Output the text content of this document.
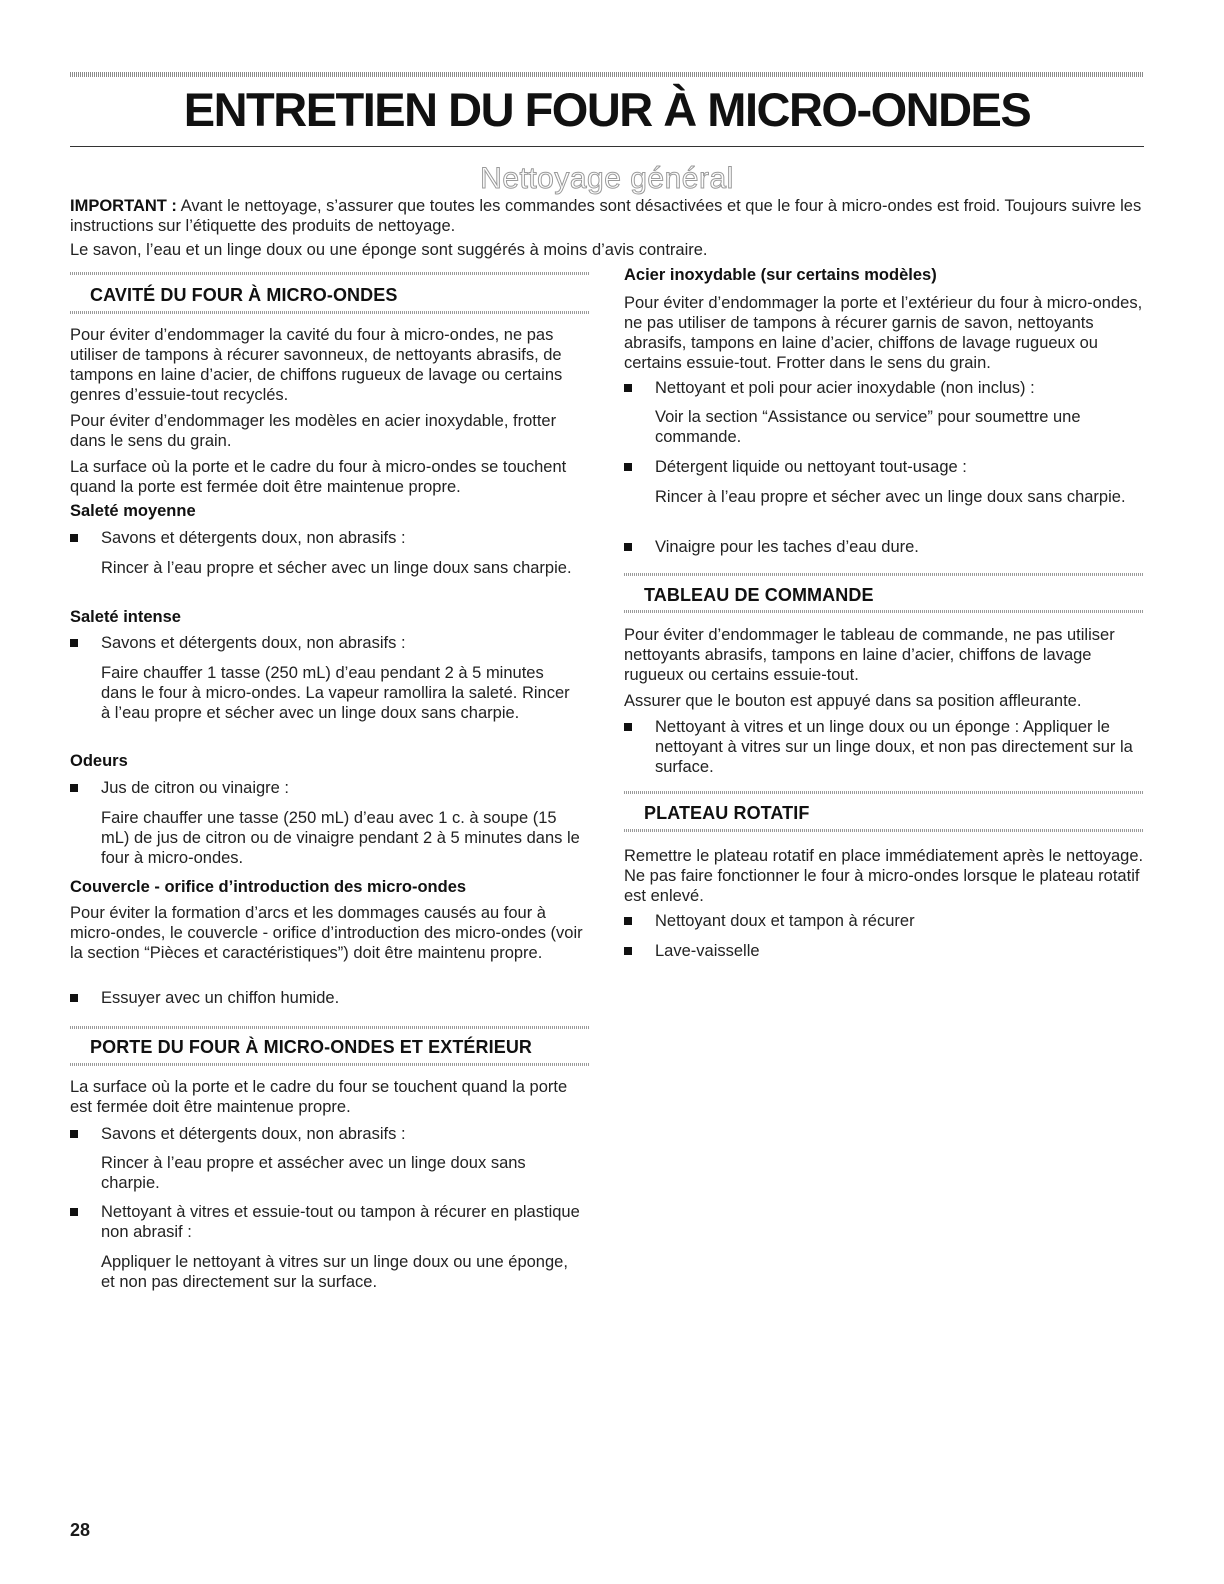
ENTRETIEN DU FOUR À MICRO-ONDES
Nettoyage général
IMPORTANT : Avant le nettoyage, s’assurer que toutes les commandes sont désactivées et que le four à micro-ondes est froid. Toujours suivre les instructions sur l’étiquette des produits de nettoyage.
Le savon, l’eau et un linge doux ou une éponge sont suggérés à moins d’avis contraire.
CAVITÉ DU FOUR À MICRO-ONDES
Pour éviter d’endommager la cavité du four à micro-ondes, ne pas utiliser de tampons à récurer savonneux, de nettoyants abrasifs, de tampons en laine d’acier, de chiffons rugueux de lavage ou certains genres d’essuie-tout recyclés.
Pour éviter d’endommager les modèles en acier inoxydable, frotter dans le sens du grain.
La surface où la porte et le cadre du four à micro-ondes se touchent quand la porte est fermée doit être maintenue propre.
Saleté moyenne
Savons et détergents doux, non abrasifs :
Rincer à l’eau propre et sécher avec un linge doux sans charpie.
Saleté intense
Savons et détergents doux, non abrasifs :
Faire chauffer 1 tasse (250 mL) d’eau pendant 2 à 5 minutes dans le four à micro-ondes. La vapeur ramollira la saleté. Rincer à l’eau propre et sécher avec un linge doux sans charpie.
Odeurs
Jus de citron ou vinaigre :
Faire chauffer une tasse (250 mL) d’eau avec 1 c. à soupe (15 mL) de jus de citron ou de vinaigre pendant 2 à 5 minutes dans le four à micro-ondes.
Couvercle - orifice d’introduction des micro-ondes
Pour éviter la formation d’arcs et les dommages causés au four à micro-ondes, le couvercle - orifice d’introduction des micro-ondes (voir la section “Pièces et caractéristiques”) doit être maintenu propre.
Essuyer avec un chiffon humide.
PORTE DU FOUR À MICRO-ONDES ET EXTÉRIEUR
La surface où la porte et le cadre du four se touchent quand la porte est fermée doit être maintenue propre.
Savons et détergents doux, non abrasifs :
Rincer à l’eau propre et assécher avec un linge doux sans charpie.
Nettoyant à vitres et essuie-tout ou tampon à récurer en plastique non abrasif :
Appliquer le nettoyant à vitres sur un linge doux ou une éponge, et non pas directement sur la surface.
Acier inoxydable (sur certains modèles)
Pour éviter d’endommager la porte et l’extérieur du four à micro-ondes, ne pas utiliser de tampons à récurer garnis de savon, nettoyants abrasifs, tampons en laine d’acier, chiffons de lavage rugueux ou certains essuie-tout. Frotter dans le sens du grain.
Nettoyant et poli pour acier inoxydable (non inclus) :
Voir la section “Assistance ou service” pour soumettre une commande.
Détergent liquide ou nettoyant tout-usage :
Rincer à l’eau propre et sécher avec un linge doux sans charpie.
Vinaigre pour les taches d’eau dure.
TABLEAU DE COMMANDE
Pour éviter d’endommager le tableau de commande, ne pas utiliser nettoyants abrasifs, tampons en laine d’acier, chiffons de lavage rugueux ou certains essuie-tout.
Assurer que le bouton est appuyé dans sa position affleurante.
Nettoyant à vitres et un linge doux ou un éponge : Appliquer le nettoyant à vitres sur un linge doux, et non pas directement sur la surface.
PLATEAU ROTATIF
Remettre le plateau rotatif en place immédiatement après le nettoyage. Ne pas faire fonctionner le four à micro-ondes lorsque le plateau rotatif est enlevé.
Nettoyant doux et tampon à récurer
Lave-vaisselle
28
